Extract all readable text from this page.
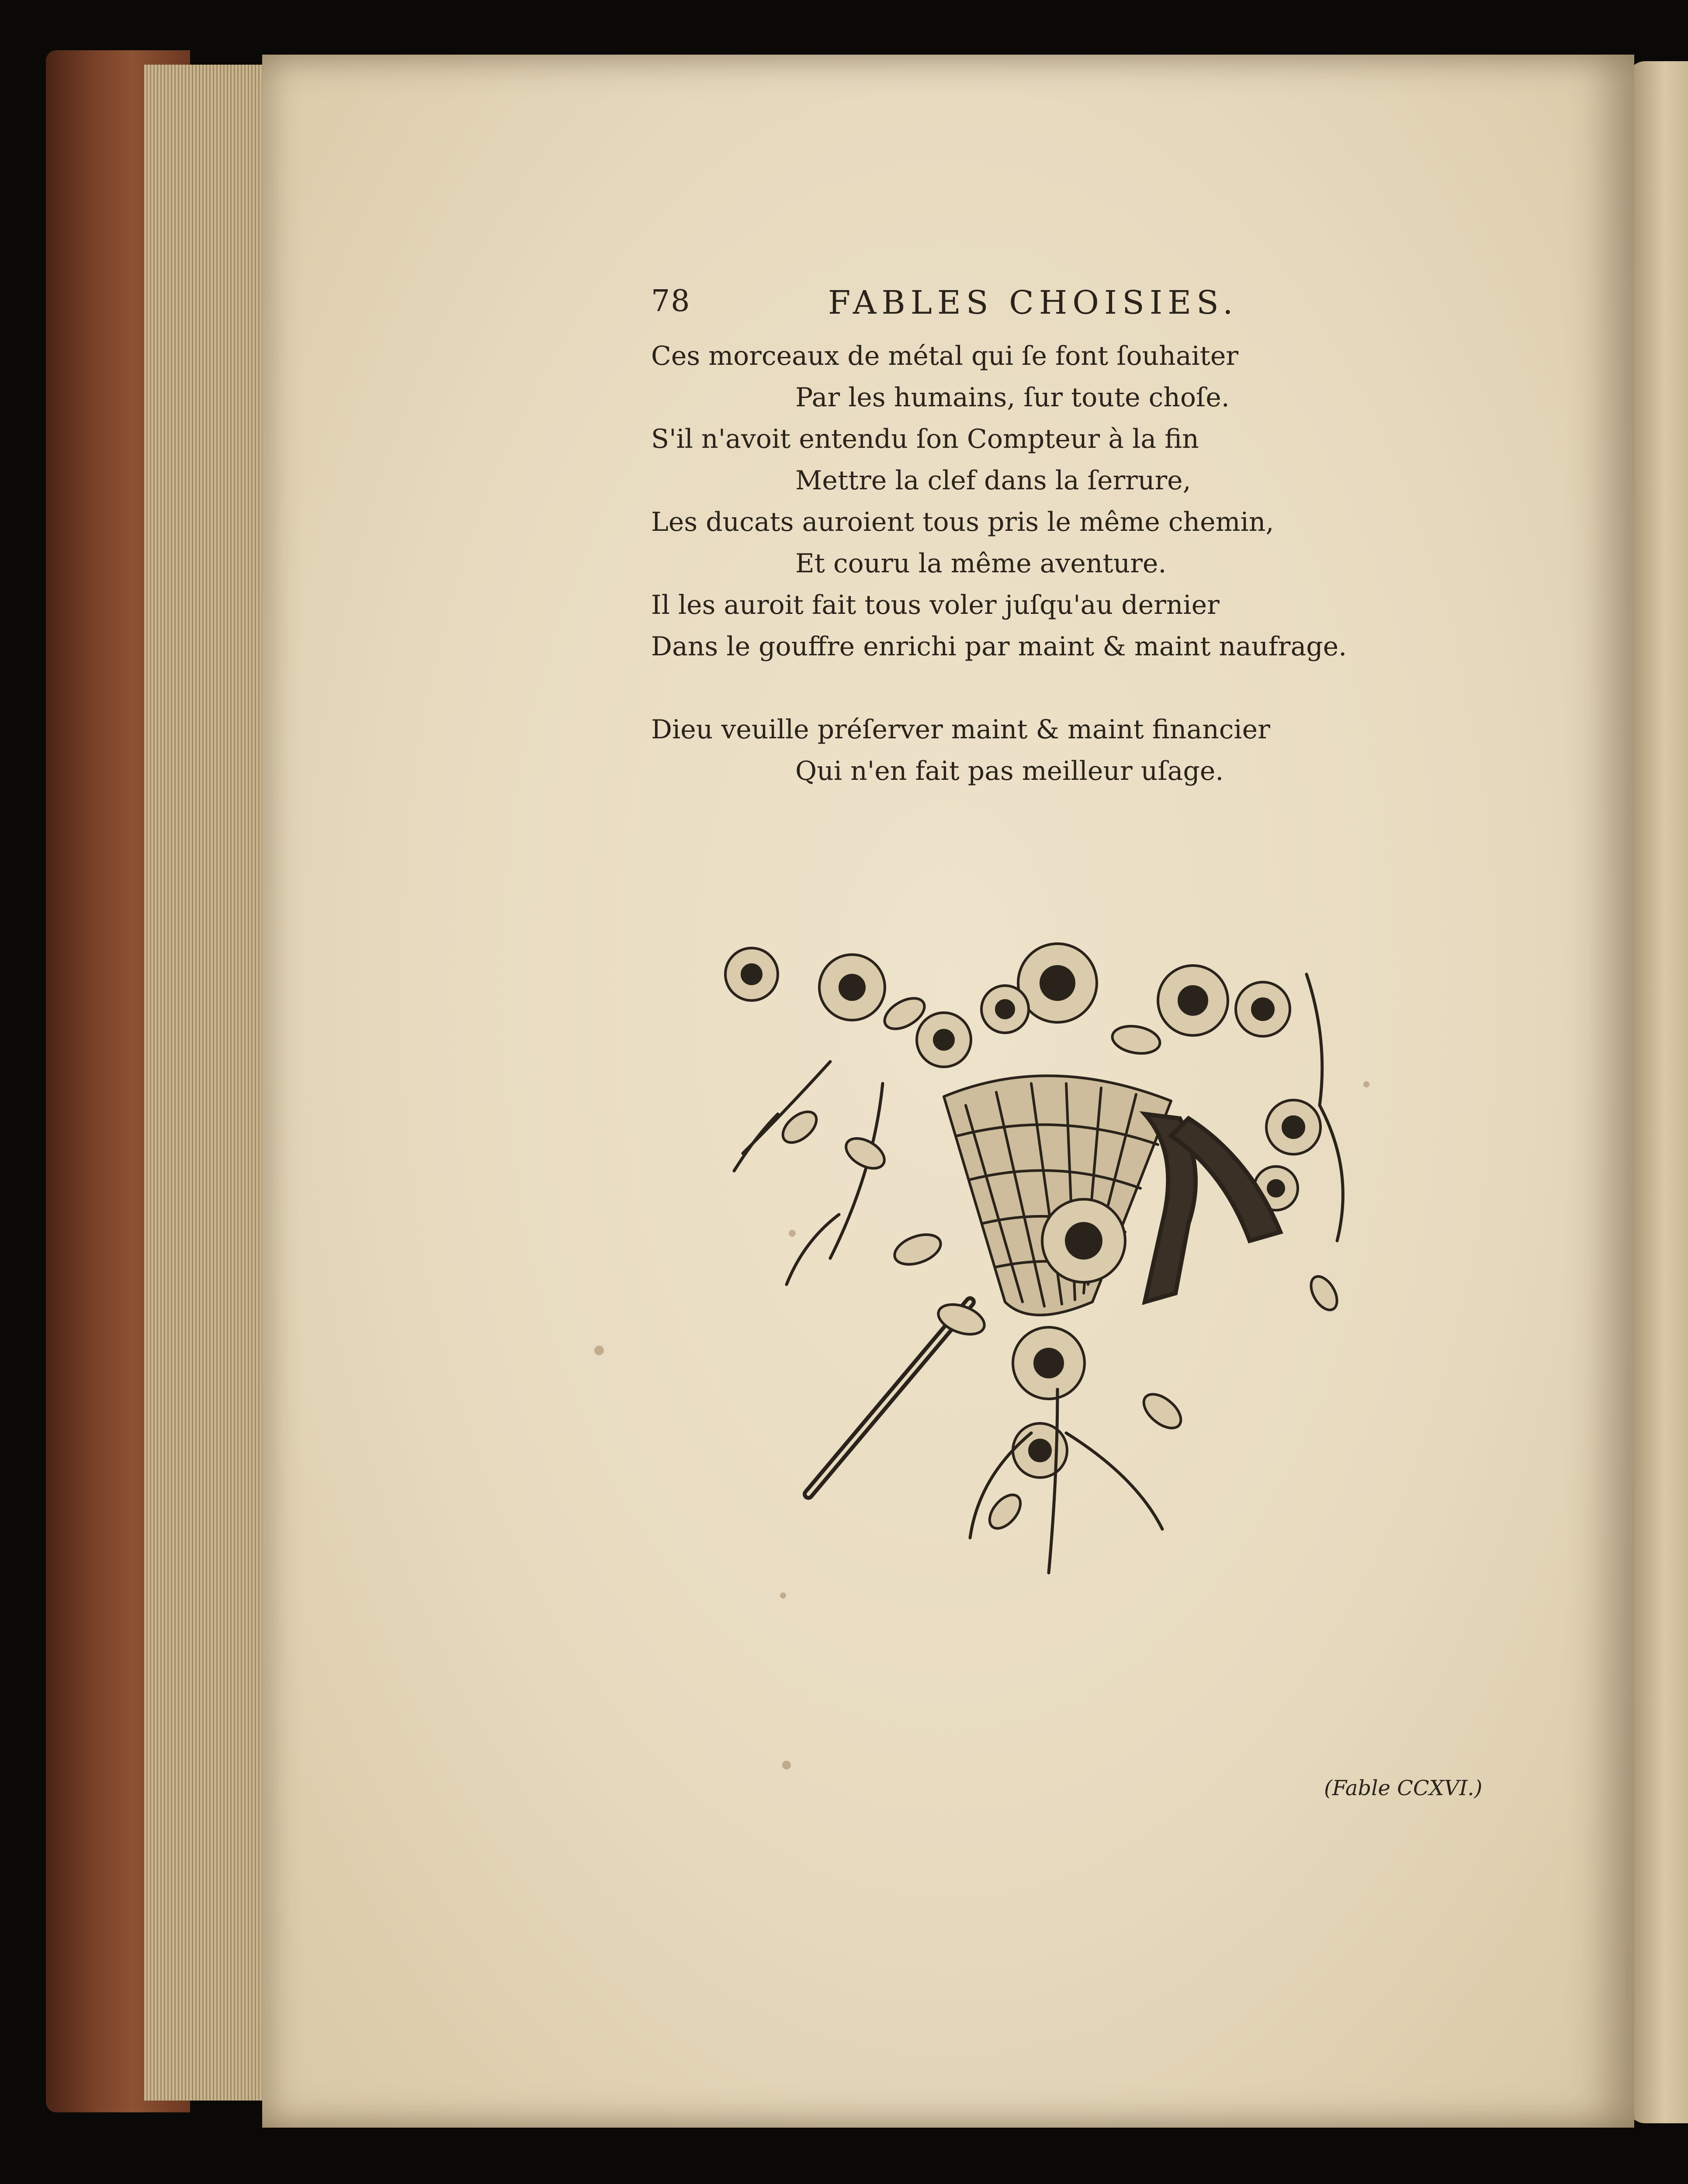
78	FABLES CHOISIES.
Ces morceaux de métal qui ſe font ſouhaiter
Par les humains, ſur toute choſe.
S'il n'avoit entendu ſon Compteur à la fin
Mettre la clef dans la ſerrure,
Les ducats auroient tous pris le même chemin,
Et couru la même aventure.
Il les auroit fait tous voler juſqu'au dernier
Dans le gouffre enrichi par maint & maint naufrage.
Dieu veuille préſerver maint & maint financier
Qui n'en fait pas meilleur uſage.
(Fable CCXVI.)
